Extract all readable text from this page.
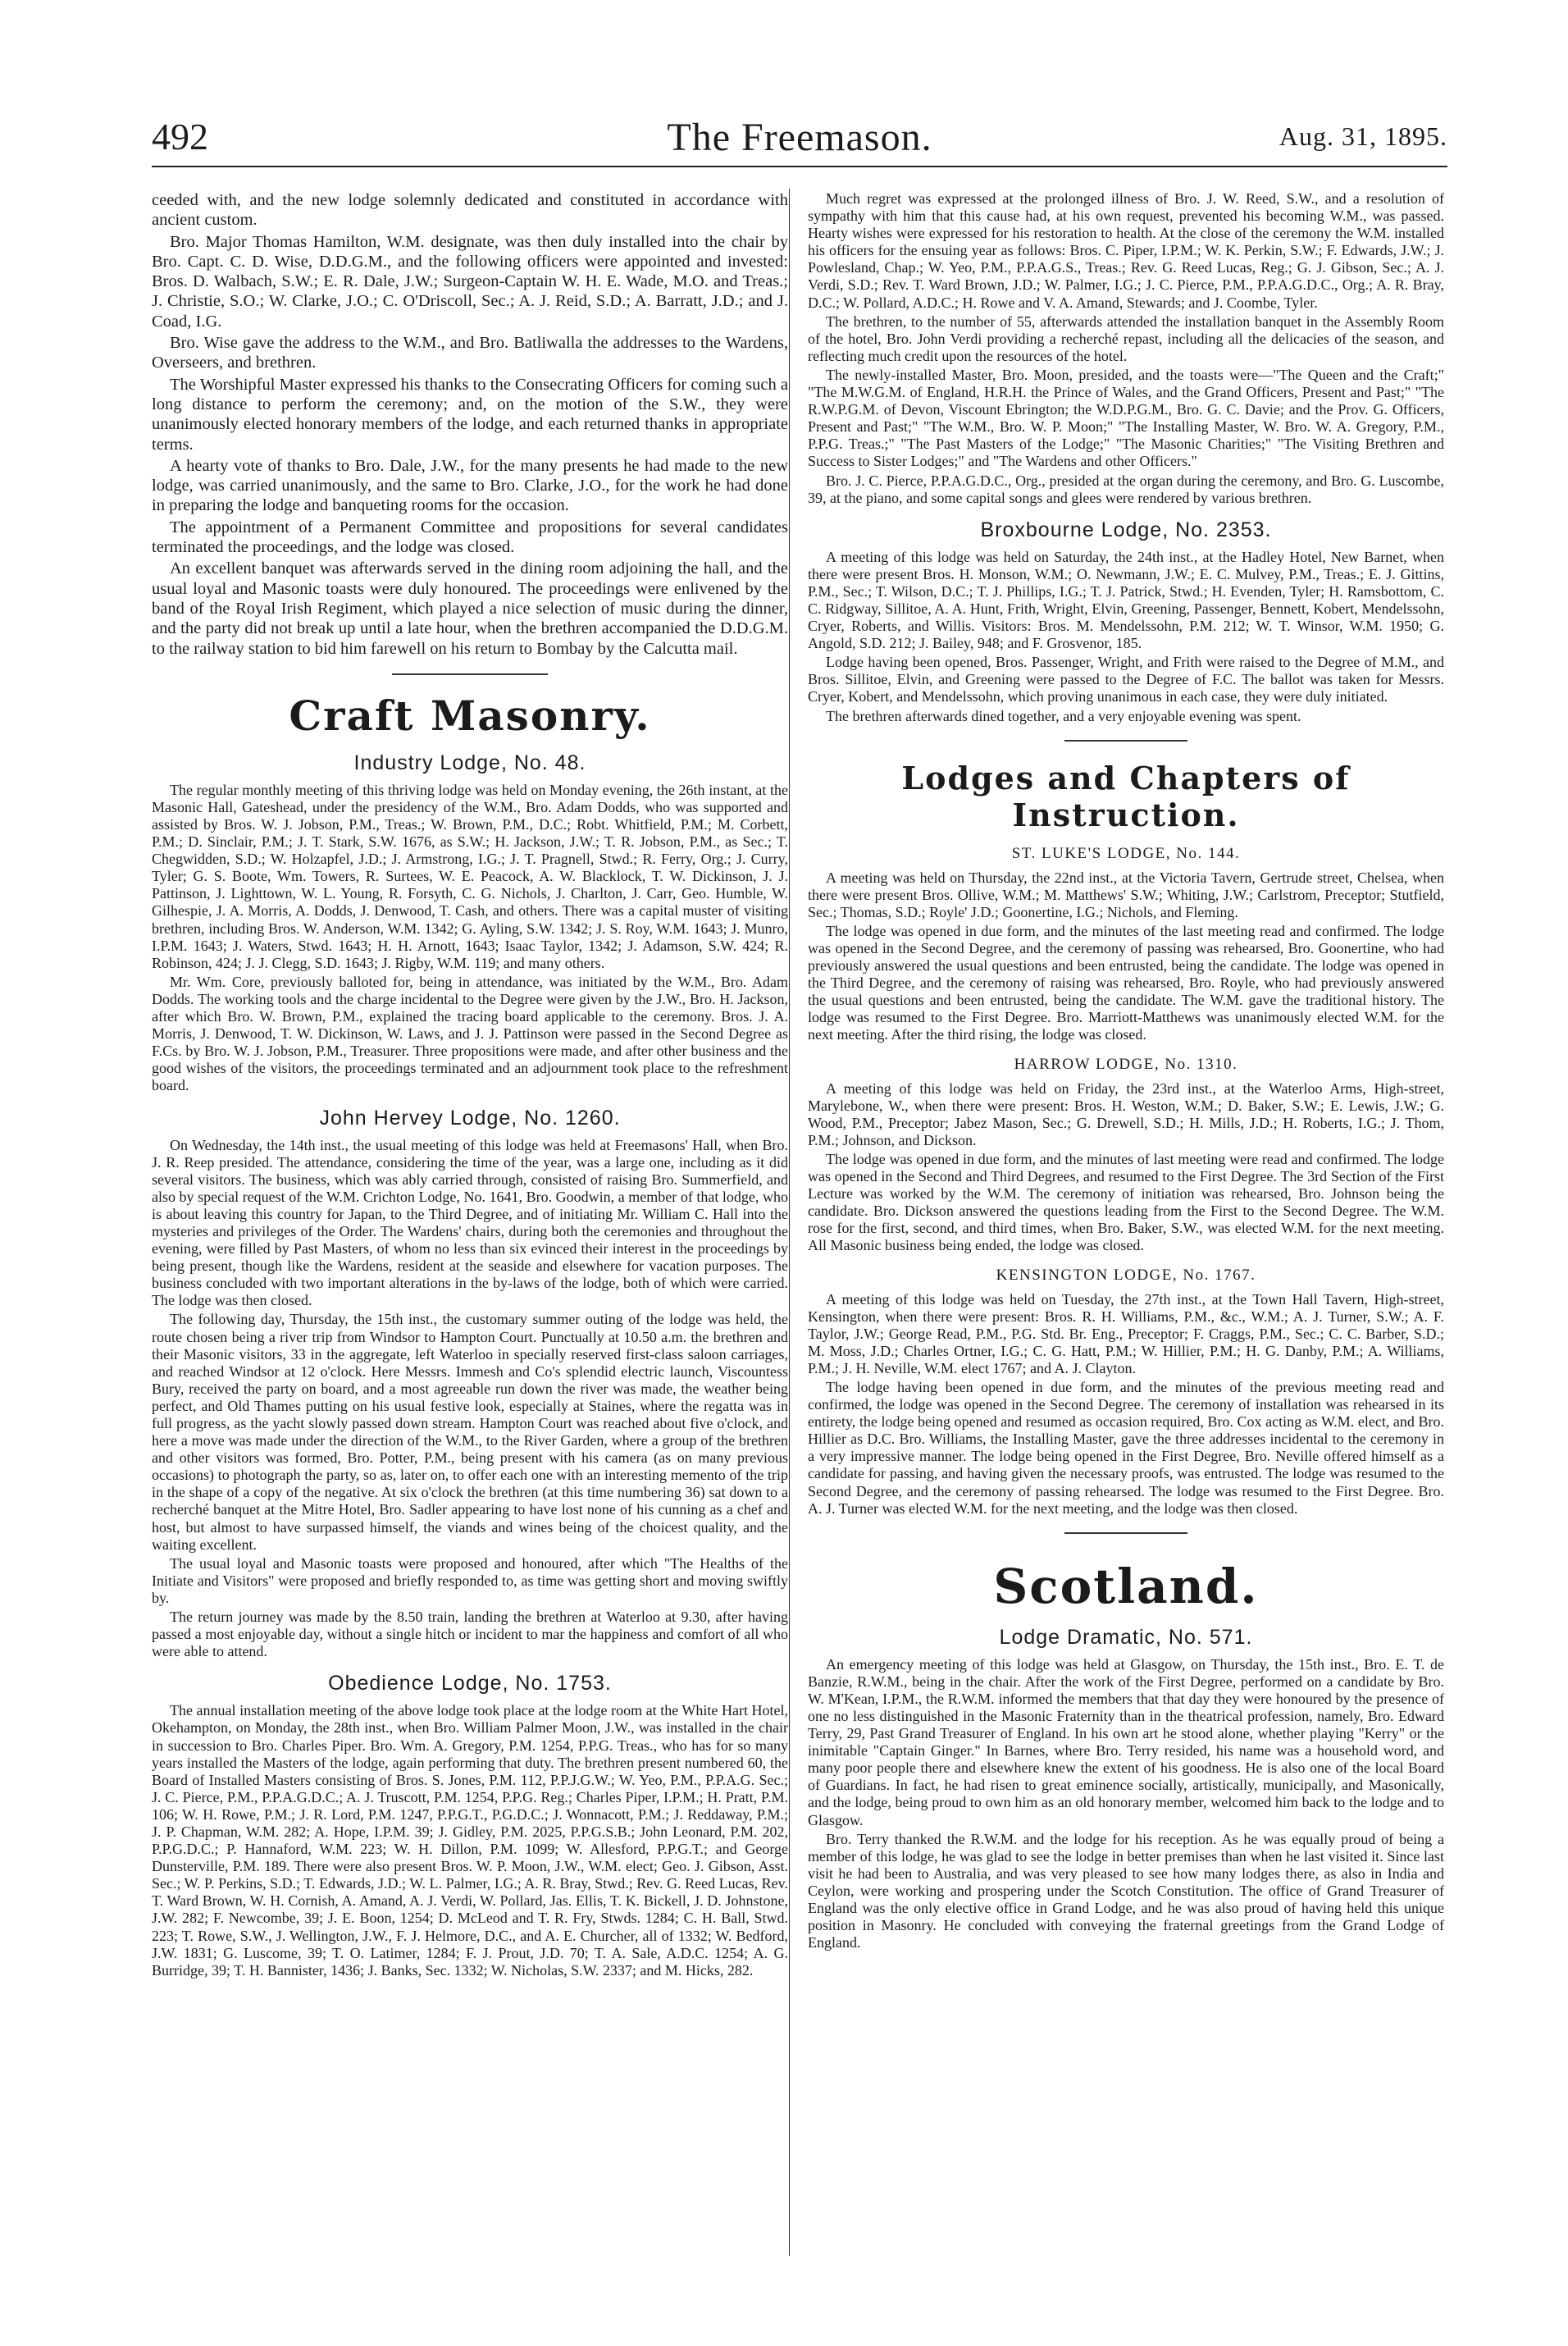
492	The Freemason.	Aug. 31, 1895.

ceeded with, and the new lodge solemnly dedicated and constituted in accordance with ancient custom.

Bro. Major Thomas Hamilton, W.M. designate, was then duly installed into the chair by Bro. Capt. C. D. Wise, D.D.G.M., and the following officers were appointed and invested: Bros. D. Walbach, S.W.; E. R. Dale, J.W.; Surgeon-Captain W. H. E. Wade, M.O. and Treas.; J. Christie, S.O.; W. Clarke, J.O.; C. O'Driscoll, Sec.; A. J. Reid, S.D.; A. Barratt, J.D.; and J. Coad, I.G.

Bro. Wise gave the address to the W.M., and Bro. Batliwalla the addresses to the Wardens, Overseers, and brethren.

The Worshipful Master expressed his thanks to the Consecrating Officers for coming such a long distance to perform the ceremony; and, on the motion of the S.W., they were unanimously elected honorary members of the lodge, and each returned thanks in appropriate terms.

A hearty vote of thanks to Bro. Dale, J.W., for the many presents he had made to the new lodge, was carried unanimously, and the same to Bro. Clarke, J.O., for the work he had done in preparing the lodge and banqueting rooms for the occasion.

The appointment of a Permanent Committee and propositions for several candidates terminated the proceedings, and the lodge was closed.

An excellent banquet was afterwards served in the dining room adjoining the hall, and the usual loyal and Masonic toasts were duly honoured. The proceedings were enlivened by the band of the Royal Irish Regiment, which played a nice selection of music during the dinner, and the party did not break up until a late hour, when the brethren accompanied the D.D.G.M. to the railway station to bid him farewell on his return to Bombay by the Calcutta mail.

Craft Masonry.
Industry Lodge, No. 48.

The regular monthly meeting of this thriving lodge was held on Monday evening, the 26th instant, at the Masonic Hall, Gateshead, under the presidency of the W.M., Bro. Adam Dodds, who was supported and assisted by Bros. W. J. Jobson, P.M., Treas.; W. Brown, P.M., D.C.; Robt. Whitfield, P.M.; M. Corbett, P.M.; D. Sinclair, P.M.; J. T. Stark, S.W. 1676, as S.W.; H. Jackson, J.W.; T. R. Jobson, P.M., as Sec.; T. Chegwidden, S.D.; W. Holzapfel, J.D.; J. Armstrong, I.G.; J. T. Pragnell, Stwd.; R. Ferry, Org.; J. Curry, Tyler; G. S. Boote, Wm. Towers, R. Surtees, W. E. Peacock, A. W. Blacklock, T. W. Dickinson, J. J. Pattinson, J. Lighttown, W. L. Young, R. Forsyth, C. G. Nichols, J. Charlton, J. Carr, Geo. Humble, W. Gilhespie, J. A. Morris, A. Dodds, J. Denwood, T. Cash, and others. There was a capital muster of visiting brethren, including Bros. W. Anderson, W.M. 1342; G. Ayling, S.W. 1342; J. S. Roy, W.M. 1643; J. Munro, I.P.M. 1643; J. Waters, Stwd. 1643; H. H. Arnott, 1643; Isaac Taylor, 1342; J. Adamson, S.W. 424; R. Robinson, 424; J. J. Clegg, S.D. 1643; J. Rigby, W.M. 119; and many others.

Mr. Wm. Core, previously balloted for, being in attendance, was initiated by the W.M., Bro. Adam Dodds. The working tools and the charge incidental to the Degree were given by the J.W., Bro. H. Jackson, after which Bro. W. Brown, P.M., explained the tracing board applicable to the ceremony. Bros. J. A. Morris, J. Denwood, T. W. Dickinson, W. Laws, and J. J. Pattinson were passed in the Second Degree as F.Cs. by Bro. W. J. Jobson, P.M., Treasurer. Three propositions were made, and after other business and the good wishes of the visitors, the proceedings terminated and an adjournment took place to the refreshment board.

John Hervey Lodge, No. 1260.

On Wednesday, the 14th inst., the usual meeting of this lodge was held at Freemasons' Hall, when Bro. J. R. Reep presided. The attendance, considering the time of the year, was a large one, including as it did several visitors. The business, which was ably carried through, consisted of raising Bro. Summerfield, and also by special request of the W.M. Crichton Lodge, No. 1641, Bro. Goodwin, a member of that lodge, who is about leaving this country for Japan, to the Third Degree, and of initiating Mr. William C. Hall into the mysteries and privileges of the Order. The Wardens' chairs, during both the ceremonies and throughout the evening, were filled by Past Masters, of whom no less than six evinced their interest in the proceedings by being present, though like the Wardens, resident at the seaside and elsewhere for vacation purposes. The business concluded with two important alterations in the by-laws of the lodge, both of which were carried. The lodge was then closed.

The following day, Thursday, the 15th inst., the customary summer outing of the lodge was held, the route chosen being a river trip from Windsor to Hampton Court. Punctually at 10.50 a.m. the brethren and their Masonic visitors, 33 in the aggregate, left Waterloo in specially reserved first-class saloon carriages, and reached Windsor at 12 o'clock. Here Messrs. Immesh and Co's splendid electric launch, Viscountess Bury, received the party on board, and a most agreeable run down the river was made, the weather being perfect, and Old Thames putting on his usual festive look, especially at Staines, where the regatta was in full progress, as the yacht slowly passed down stream. Hampton Court was reached about five o'clock, and here a move was made under the direction of the W.M., to the River Garden, where a group of the brethren and other visitors was formed, Bro. Potter, P.M., being present with his camera (as on many previous occasions) to photograph the party, so as, later on, to offer each one with an interesting memento of the trip in the shape of a copy of the negative. At six o'clock the brethren (at this time numbering 36) sat down to a recherché banquet at the Mitre Hotel, Bro. Sadler appearing to have lost none of his cunning as a chef and host, but almost to have surpassed himself, the viands and wines being of the choicest quality, and the waiting excellent.

The usual loyal and Masonic toasts were proposed and honoured, after which "The Healths of the Initiate and Visitors" were proposed and briefly responded to, as time was getting short and moving swiftly by.

The return journey was made by the 8.50 train, landing the brethren at Waterloo at 9.30, after having passed a most enjoyable day, without a single hitch or incident to mar the happiness and comfort of all who were able to attend.

Obedience Lodge, No. 1753.

The annual installation meeting of the above lodge took place at the lodge room at the White Hart Hotel, Okehampton, on Monday, the 28th inst., when Bro. William Palmer Moon, J.W., was installed in the chair in succession to Bro. Charles Piper. Bro. Wm. A. Gregory, P.M. 1254, P.P.G. Treas., who has for so many years installed the Masters of the lodge, again performing that duty. The brethren present numbered 60, the Board of Installed Masters consisting of Bros. S. Jones, P.M. 112, P.P.J.G.W.; W. Yeo, P.M., P.P.A.G. Sec.; J. C. Pierce, P.M., P.P.A.G.D.C.; A. J. Truscott, P.M. 1254, P.P.G. Reg.; Charles Piper, I.P.M.; H. Pratt, P.M. 106; W. H. Rowe, P.M.; J. R. Lord, P.M. 1247, P.P.G.T., P.G.D.C.; J. Wonnacott, P.M.; J. Reddaway, P.M.; J. P. Chapman, W.M. 282; A. Hope, I.P.M. 39; J. Gidley, P.M. 2025, P.P.G.S.B.; John Leonard, P.M. 202, P.P.G.D.C.; P. Hannaford, W.M. 223; W. H. Dillon, P.M. 1099; W. Allesford, P.P.G.T.; and George Dunsterville, P.M. 189. There were also present Bros. W. P. Moon, J.W., W.M. elect; Geo. J. Gibson, Asst. Sec.; W. P. Perkins, S.D.; T. Edwards, J.D.; W. L. Palmer, I.G.; A. R. Bray, Stwd.; Rev. G. Reed Lucas, Rev. T. Ward Brown, W. H. Cornish, A. Amand, A. J. Verdi, W. Pollard, Jas. Ellis, T. K. Bickell, J. D. Johnstone, J.W. 282; F. Newcombe, 39; J. E. Boon, 1254; D. McLeod and T. R. Fry, Stwds. 1284; C. H. Ball, Stwd. 223; T. Rowe, S.W., J. Wellington, J.W., F. J. Helmore, D.C., and A. E. Churcher, all of 1332; W. Bedford, J.W. 1831; G. Luscome, 39; T. O. Latimer, 1284; F. J. Prout, J.D. 70; T. A. Sale, A.D.C. 1254; A. G. Burridge, 39; T. H. Bannister, 1436; J. Banks, Sec. 1332; W. Nicholas, S.W. 2337; and M. Hicks, 282.

Much regret was expressed at the prolonged illness of Bro. J. W. Reed, S.W., and a resolution of sympathy with him that this cause had, at his own request, prevented his becoming W.M., was passed. Hearty wishes were expressed for his restoration to health. At the close of the ceremony the W.M. installed his officers for the ensuing year as follows: Bros. C. Piper, I.P.M.; W. K. Perkin, S.W.; F. Edwards, J.W.; J. Powlesland, Chap.; W. Yeo, P.M., P.P.A.G.S., Treas.; Rev. G. Reed Lucas, Reg.; G. J. Gibson, Sec.; A. J. Verdi, S.D.; Rev. T. Ward Brown, J.D.; W. Palmer, I.G.; J. C. Pierce, P.M., P.P.A.G.D.C., Org.; A. R. Bray, D.C.; W. Pollard, A.D.C.; H. Rowe and V. A. Amand, Stewards; and J. Coombe, Tyler.

The brethren, to the number of 55, afterwards attended the installation banquet in the Assembly Room of the hotel, Bro. John Verdi providing a recherché repast, including all the delicacies of the season, and reflecting much credit upon the resources of the hotel.

The newly-installed Master, Bro. Moon, presided, and the toasts were—"The Queen and the Craft;" "The M.W.G.M. of England, H.R.H. the Prince of Wales, and the Grand Officers, Present and Past;" "The R.W.P.G.M. of Devon, Viscount Ebrington; the W.D.P.G.M., Bro. G. C. Davie; and the Prov. G. Officers, Present and Past;" "The W.M., Bro. W. P. Moon;" "The Installing Master, W. Bro. W. A. Gregory, P.M., P.P.G. Treas.;" "The Past Masters of the Lodge;" "The Masonic Charities;" "The Visiting Brethren and Success to Sister Lodges;" and "The Wardens and other Officers."

Bro. J. C. Pierce, P.P.A.G.D.C., Org., presided at the organ during the ceremony, and Bro. G. Luscombe, 39, at the piano, and some capital songs and glees were rendered by various brethren.

Broxbourne Lodge, No. 2353.

A meeting of this lodge was held on Saturday, the 24th inst., at the Hadley Hotel, New Barnet, when there were present Bros. H. Monson, W.M.; O. Newmann, J.W.; E. C. Mulvey, P.M., Treas.; E. J. Gittins, P.M., Sec.; T. Wilson, D.C.; T. J. Phillips, I.G.; T. J. Patrick, Stwd.; H. Evenden, Tyler; H. Ramsbottom, C. C. Ridgway, Sillitoe, A. A. Hunt, Frith, Wright, Elvin, Greening, Passenger, Bennett, Kobert, Mendelssohn, Cryer, Roberts, and Willis. Visitors: Bros. M. Mendelssohn, P.M. 212; W. T. Winsor, W.M. 1950; G. Angold, S.D. 212; J. Bailey, 948; and F. Grosvenor, 185.

Lodge having been opened, Bros. Passenger, Wright, and Frith were raised to the Degree of M.M., and Bros. Sillitoe, Elvin, and Greening were passed to the Degree of F.C. The ballot was taken for Messrs. Cryer, Kobert, and Mendelssohn, which proving unanimous in each case, they were duly initiated.

The brethren afterwards dined together, and a very enjoyable evening was spent.

Lodges and Chapters of Instruction.
ST. LUKE'S LODGE, No. 144.

A meeting was held on Thursday, the 22nd inst., at the Victoria Tavern, Gertrude street, Chelsea, when there were present Bros. Ollive, W.M.; M. Matthews' S.W.; Whiting, J.W.; Carlstrom, Preceptor; Stutfield, Sec.; Thomas, S.D.; Royle' J.D.; Goonertine, I.G.; Nichols, and Fleming.

The lodge was opened in due form, and the minutes of the last meeting read and confirmed. The lodge was opened in the Second Degree, and the ceremony of passing was rehearsed, Bro. Goonertine, who had previously answered the usual questions and been entrusted, being the candidate. The lodge was opened in the Third Degree, and the ceremony of raising was rehearsed, Bro. Royle, who had previously answered the usual questions and been entrusted, being the candidate. The W.M. gave the traditional history. The lodge was resumed to the First Degree. Bro. Marriott-Matthews was unanimously elected W.M. for the next meeting. After the third rising, the lodge was closed.

HARROW LODGE, No. 1310.

A meeting of this lodge was held on Friday, the 23rd inst., at the Waterloo Arms, High-street, Marylebone, W., when there were present: Bros. H. Weston, W.M.; D. Baker, S.W.; E. Lewis, J.W.; G. Wood, P.M., Preceptor; Jabez Mason, Sec.; G. Drewell, S.D.; H. Mills, J.D.; H. Roberts, I.G.; J. Thom, P.M.; Johnson, and Dickson.

The lodge was opened in due form, and the minutes of last meeting were read and confirmed. The lodge was opened in the Second and Third Degrees, and resumed to the First Degree. The 3rd Section of the First Lecture was worked by the W.M. The ceremony of initiation was rehearsed, Bro. Johnson being the candidate. Bro. Dickson answered the questions leading from the First to the Second Degree. The W.M. rose for the first, second, and third times, when Bro. Baker, S.W., was elected W.M. for the next meeting. All Masonic business being ended, the lodge was closed.

KENSINGTON LODGE, No. 1767.

A meeting of this lodge was held on Tuesday, the 27th inst., at the Town Hall Tavern, High-street, Kensington, when there were present: Bros. R. H. Williams, P.M., &c., W.M.; A. J. Turner, S.W.; A. F. Taylor, J.W.; George Read, P.M., P.G. Std. Br. Eng., Preceptor; F. Craggs, P.M., Sec.; C. C. Barber, S.D.; M. Moss, J.D.; Charles Ortner, I.G.; C. G. Hatt, P.M.; W. Hillier, P.M.; H. G. Danby, P.M.; A. Williams, P.M.; J. H. Neville, W.M. elect 1767; and A. J. Clayton.

The lodge having been opened in due form, and the minutes of the previous meeting read and confirmed, the lodge was opened in the Second Degree. The ceremony of installation was rehearsed in its entirety, the lodge being opened and resumed as occasion required, Bro. Cox acting as W.M. elect, and Bro. Hillier as D.C. Bro. Williams, the Installing Master, gave the three addresses incidental to the ceremony in a very impressive manner. The lodge being opened in the First Degree, Bro. Neville offered himself as a candidate for passing, and having given the necessary proofs, was entrusted. The lodge was resumed to the Second Degree, and the ceremony of passing rehearsed. The lodge was resumed to the First Degree. Bro. A. J. Turner was elected W.M. for the next meeting, and the lodge was then closed.

Scotland.
Lodge Dramatic, No. 571.

An emergency meeting of this lodge was held at Glasgow, on Thursday, the 15th inst., Bro. E. T. de Banzie, R.W.M., being in the chair. After the work of the First Degree, performed on a candidate by Bro. W. M'Kean, I.P.M., the R.W.M. informed the members that that day they were honoured by the presence of one no less distinguished in the Masonic Fraternity than in the theatrical profession, namely, Bro. Edward Terry, 29, Past Grand Treasurer of England. In his own art he stood alone, whether playing "Kerry" or the inimitable "Captain Ginger." In Barnes, where Bro. Terry resided, his name was a household word, and many poor people there and elsewhere knew the extent of his goodness. He is also one of the local Board of Guardians. In fact, he had risen to great eminence socially, artistically, municipally, and Masonically, and the lodge, being proud to own him as an old honorary member, welcomed him back to the lodge and to Glasgow.

Bro. Terry thanked the R.W.M. and the lodge for his reception. As he was equally proud of being a member of this lodge, he was glad to see the lodge in better premises than when he last visited it. Since last visit he had been to Australia, and was very pleased to see how many lodges there, as also in India and Ceylon, were working and prospering under the Scotch Constitution. The office of Grand Treasurer of England was the only elective office in Grand Lodge, and he was also proud of having held this unique position in Masonry. He concluded with conveying the fraternal greetings from the Grand Lodge of England.
